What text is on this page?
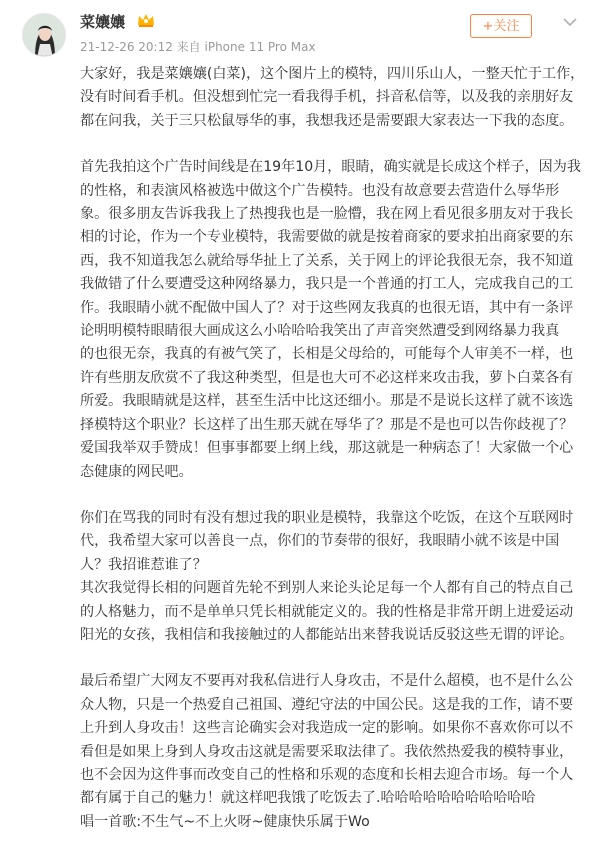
菜孃孃
21-12-26 20:12 来自 iPhone 11 Pro Max
+关注

大家好，我是菜孃孃(白菜)，这个图片上的模特，四川乐山人，一整天忙于工作，
没有时间看手机。但没想到忙完一看我得手机，抖音私信等，以及我的亲朋好友
都在问我，关于三只松鼠辱华的事，我想我还是需要跟大家表达一下我的态度。

首先我拍这个广告时间线是在19年10月，眼睛，确实就是长成这个样子，因为我
的性格，和表演风格被选中做这个广告模特。也没有故意要去营造什么辱华形
象。很多朋友告诉我我上了热搜我也是一脸懵，我在网上看见很多朋友对于我长
相的讨论，作为一个专业模特，我需要做的就是按着商家的要求拍出商家要的东
西，我不知道我怎么就给辱华扯上了关系，关于网上的评论我很无奈，我不知道
我做错了什么要遭受这种网络暴力，我只是一个普通的打工人，完成我自己的工
作。我眼睛小就不配做中国人了？对于这些网友我真的也很无语，其中有一条评
论明明模特眼睛很大画成这么小哈哈哈我笑出了声音突然遭受到网络暴力我真
的也很无奈，我真的有被气笑了，长相是父母给的，可能每个人审美不一样，也
许有些朋友欣赏不了我这种类型，但是也大可不必这样来攻击我，萝卜白菜各有
所爱。我眼睛就是这样，甚至生活中比这还细小。那是不是说长这样了就不该选
择模特这个职业？长这样了出生那天就在辱华了？那是不是也可以告你歧视了？
爱国我举双手赞成！但事事都要上纲上线，那这就是一种病态了！大家做一个心
态健康的网民吧。

你们在骂我的同时有没有想过我的职业是模特，我靠这个吃饭，在这个互联网时
代，我希望大家可以善良一点，你们的节奏带的很好，我眼睛小就不该是中国
人？我招谁惹谁了？
其次我觉得长相的问题首先轮不到别人来论头论足每一个人都有自己的特点自己
的人格魅力，而不是单单只凭长相就能定义的。我的性格是非常开朗上进爱运动
阳光的女孩，我相信和我接触过的人都能站出来替我说话反驳这些无谓的评论。

最后希望广大网友不要再对我私信进行人身攻击，不是什么超模，也不是什么公
众人物，只是一个热爱自己祖国、遵纪守法的中国公民。这是我的工作，请不要
上升到人身攻击！这些言论确实会对我造成一定的影响。如果你不喜欢你可以不
看但是如果上身到人身攻击这就是需要采取法律了。我依然热爱我的模特事业，
也不会因为这件事而改变自己的性格和乐观的态度和长相去迎合市场。每一个人
都有属于自己的魅力！就这样吧我饿了吃饭去了.哈哈哈哈哈哈哈哈哈哈哈
唱一首歌:不生气~不上火呀~健康快乐属于Wo
